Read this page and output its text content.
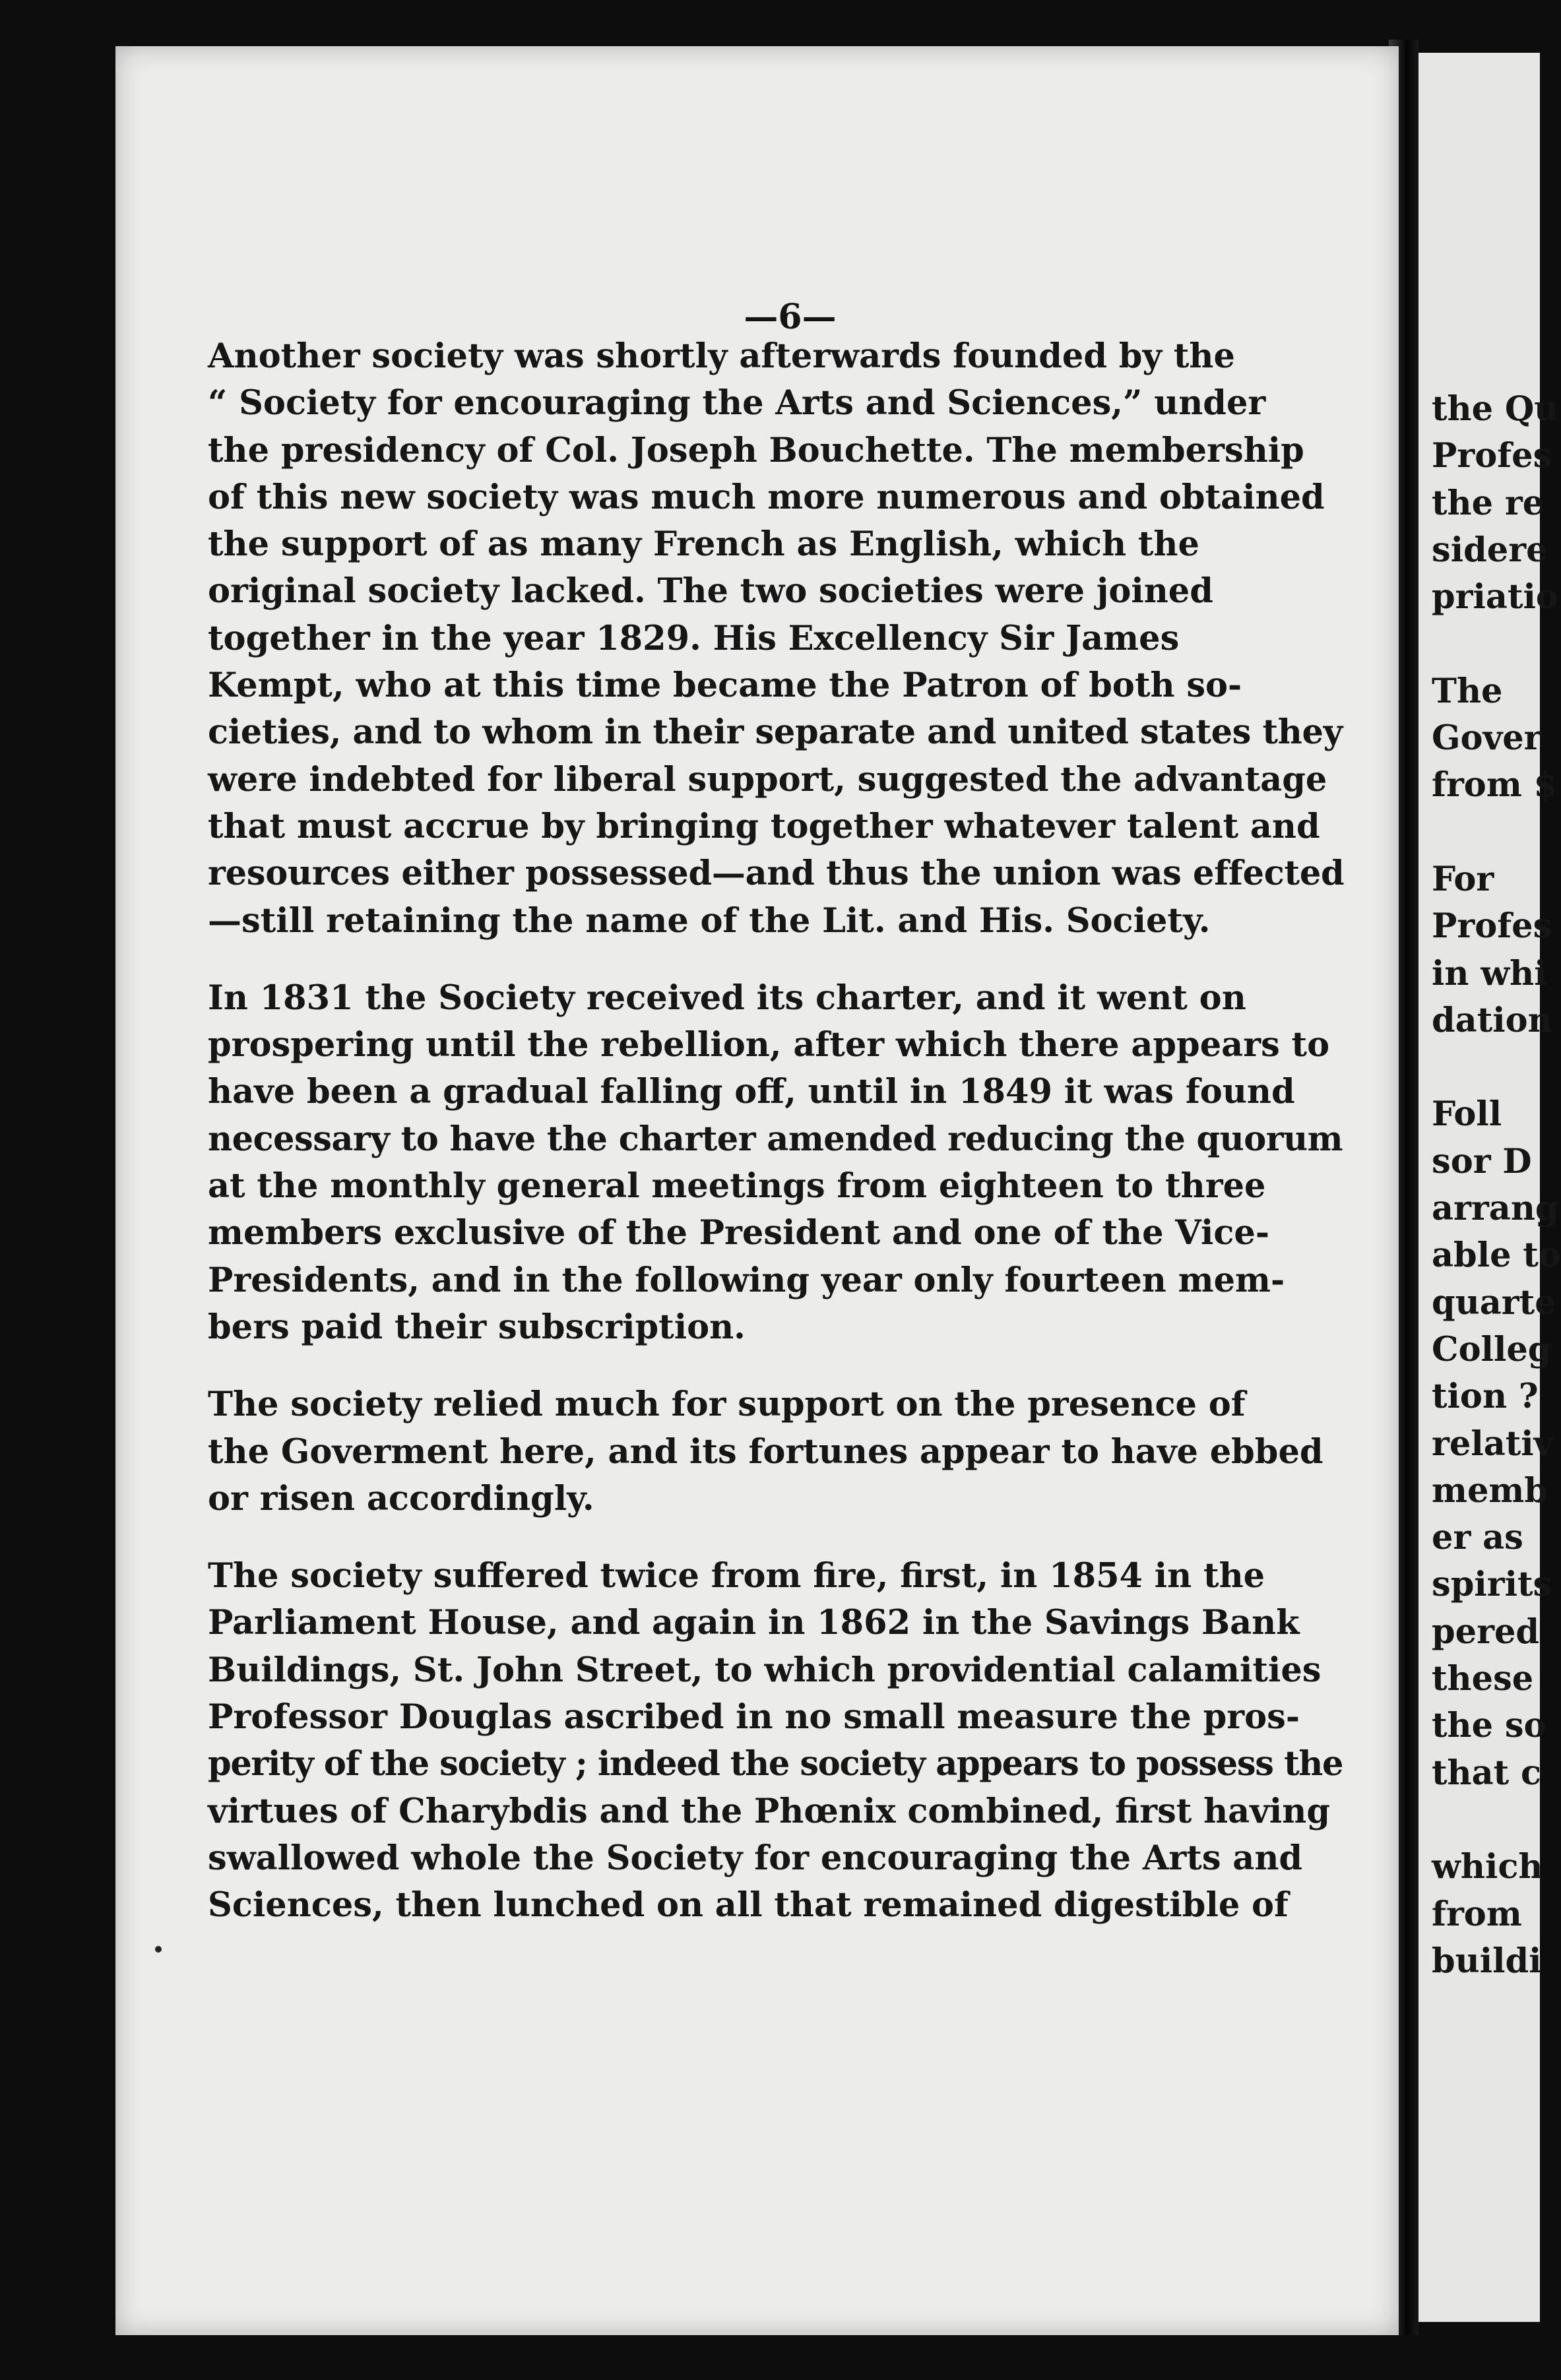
—6—
Another society was shortly afterwards founded by the
“ Society for encouraging the Arts and Sciences,” under
the presidency of Col. Joseph Bouchette. The membership
of this new society was much more numerous and obtained
the support of as many French as English, which the
original society lacked. The two societies were joined
together in the year 1829. His Excellency Sir James
Kempt, who at this time became the Patron of both so-
cieties, and to whom in their separate and united states they
were indebted for liberal support, suggested the advantage
that must accrue by bringing together whatever talent and
resources either possessed—and thus the union was effected
—still retaining the name of the Lit. and His. Society.
In 1831 the Society received its charter, and it went on
prospering until the rebellion, after which there appears to
have been a gradual falling off, until in 1849 it was found
necessary to have the charter amended reducing the quorum
at the monthly general meetings from eighteen to three
members exclusive of the President and one of the Vice-
Presidents, and in the following year only fourteen mem-
bers paid their subscription.
The society relied much for support on the presence of
the Goverment here, and its fortunes appear to have ebbed
or risen accordingly.
The society suffered twice from fire, first, in 1854 in the
Parliament House, and again in 1862 in the Savings Bank
Buildings, St. John Street, to which providential calamities
Professor Douglas ascribed in no small measure the pros-
perity of the society ; indeed the society appears to possess the
virtues of Charybdis and the Phœnix combined, first having
swallowed whole the Society for encouraging the Arts and
Sciences, then lunched on all that remained digestible of
the Qu
Profes
the re
sidere
priatio

The
Gover
from $

For
Profes
in whi
dation

Foll
sor D
arrang
able to
quarte
Colleg
tion ?
relativ
memb
er as
spirits
pered
these
the so
that c

which
from
buildi
